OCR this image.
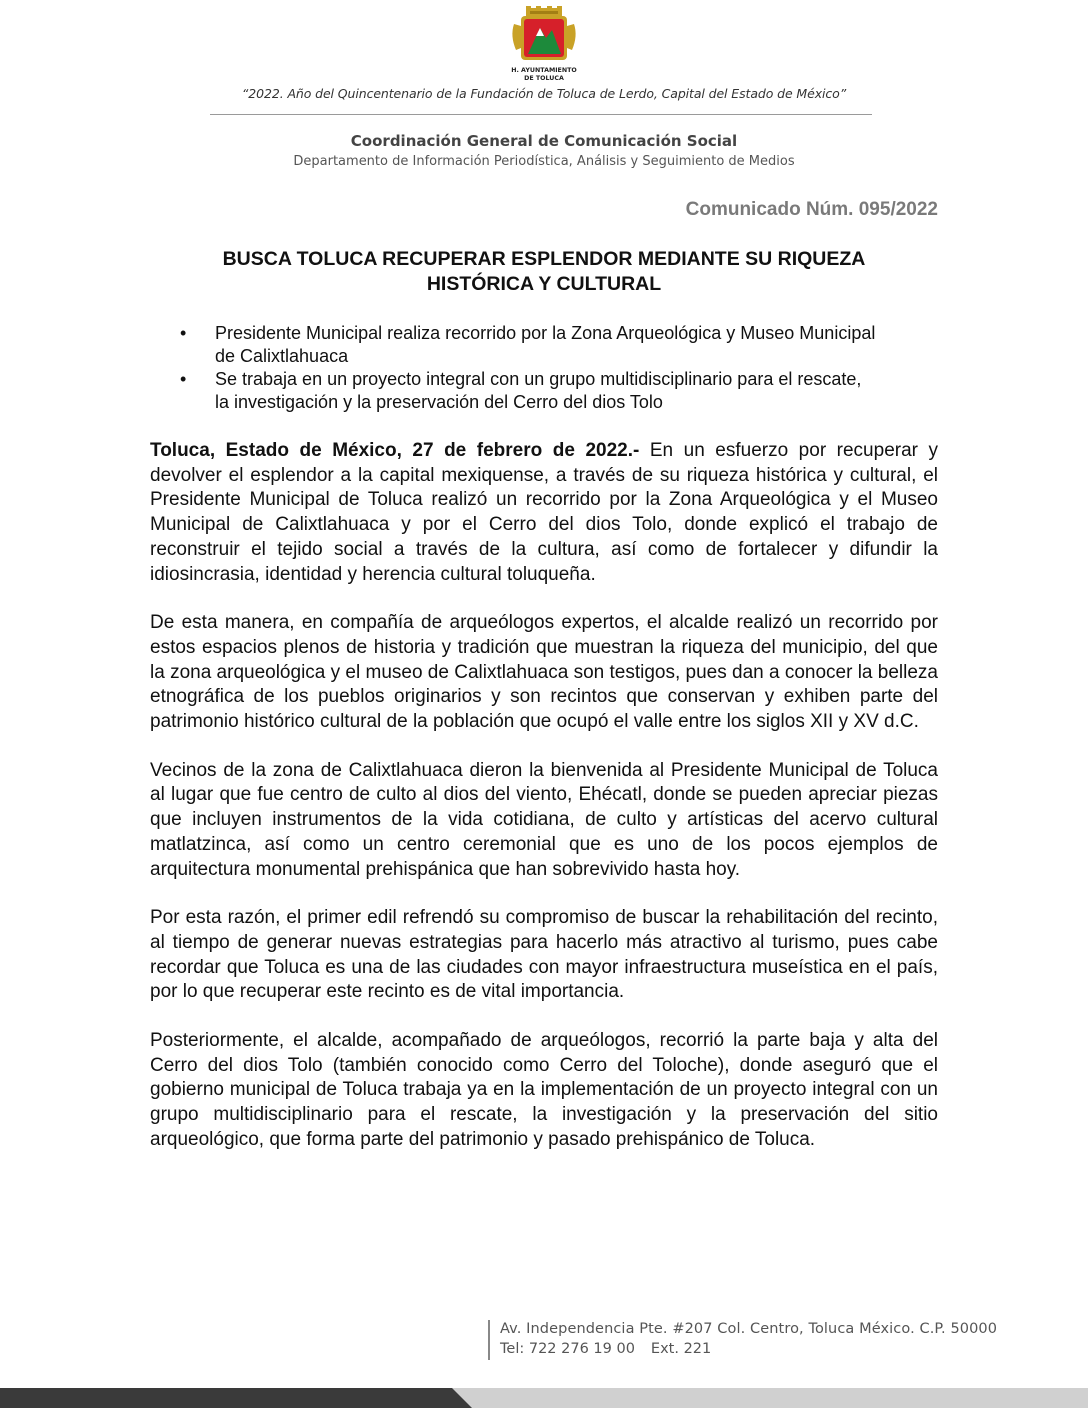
H. AYUNTAMIENTO
DE TOLUCA
“2022. Año del Quincentenario de la Fundación de Toluca de Lerdo, Capital del Estado de México”
Coordinación General de Comunicación Social
Departamento de Información Periodística, Análisis y Seguimiento de Medios
Comunicado Núm. 095/2022
BUSCA TOLUCA RECUPERAR ESPLENDOR MEDIANTE SU RIQUEZA
HISTÓRICA Y CULTURAL
• Presidente Municipal realiza recorrido por la Zona Arqueológica y Museo Municipal
de Calixtlahuaca
• Se trabaja en un proyecto integral con un grupo multidisciplinario para el rescate,
la investigación y la preservación del Cerro del dios Tolo

Toluca, Estado de México, 27 de febrero de 2022.- En un esfuerzo por recuperar y devolver el esplendor a la capital mexiquense, a través de su riqueza histórica y cultural, el Presidente Municipal de Toluca realizó un recorrido por la Zona Arqueológica y el Museo Municipal de Calixtlahuaca y por el Cerro del dios Tolo, donde explicó el trabajo de reconstruir el tejido social a través de la cultura, así como de fortalecer y difundir la idiosincrasia, identidad y herencia cultural toluqueña.

De esta manera, en compañía de arqueólogos expertos, el alcalde realizó un recorrido por estos espacios plenos de historia y tradición que muestran la riqueza del municipio, del que la zona arqueológica y el museo de Calixtlahuaca son testigos, pues dan a conocer la belleza etnográfica de los pueblos originarios y son recintos que conservan y exhiben parte del patrimonio histórico cultural de la población que ocupó el valle entre los siglos XII y XV d.C.

Vecinos de la zona de Calixtlahuaca dieron la bienvenida al Presidente Municipal de Toluca al lugar que fue centro de culto al dios del viento, Ehécatl, donde se pueden apreciar piezas que incluyen instrumentos de la vida cotidiana, de culto y artísticas del acervo cultural matlatzinca, así como un centro ceremonial que es uno de los pocos ejemplos de arquitectura monumental prehispánica que han sobrevivido hasta hoy.

Por esta razón, el primer edil refrendó su compromiso de buscar la rehabilitación del recinto, al tiempo de generar nuevas estrategias para hacerlo más atractivo al turismo, pues cabe recordar que Toluca es una de las ciudades con mayor infraestructura museística en el país, por lo que recuperar este recinto es de vital importancia.

Posteriormente, el alcalde, acompañado de arqueólogos, recorrió la parte baja y alta del Cerro del dios Tolo (también conocido como Cerro del Toloche), donde aseguró que el gobierno municipal de Toluca trabaja ya en la implementación de un proyecto integral con un grupo multidisciplinario para el rescate, la investigación y la preservación del sitio arqueológico, que forma parte del patrimonio y pasado prehispánico de Toluca.

Av. Independencia Pte. #207 Col. Centro, Toluca México. C.P. 50000
Tel: 722 276 19 00 Ext. 221
